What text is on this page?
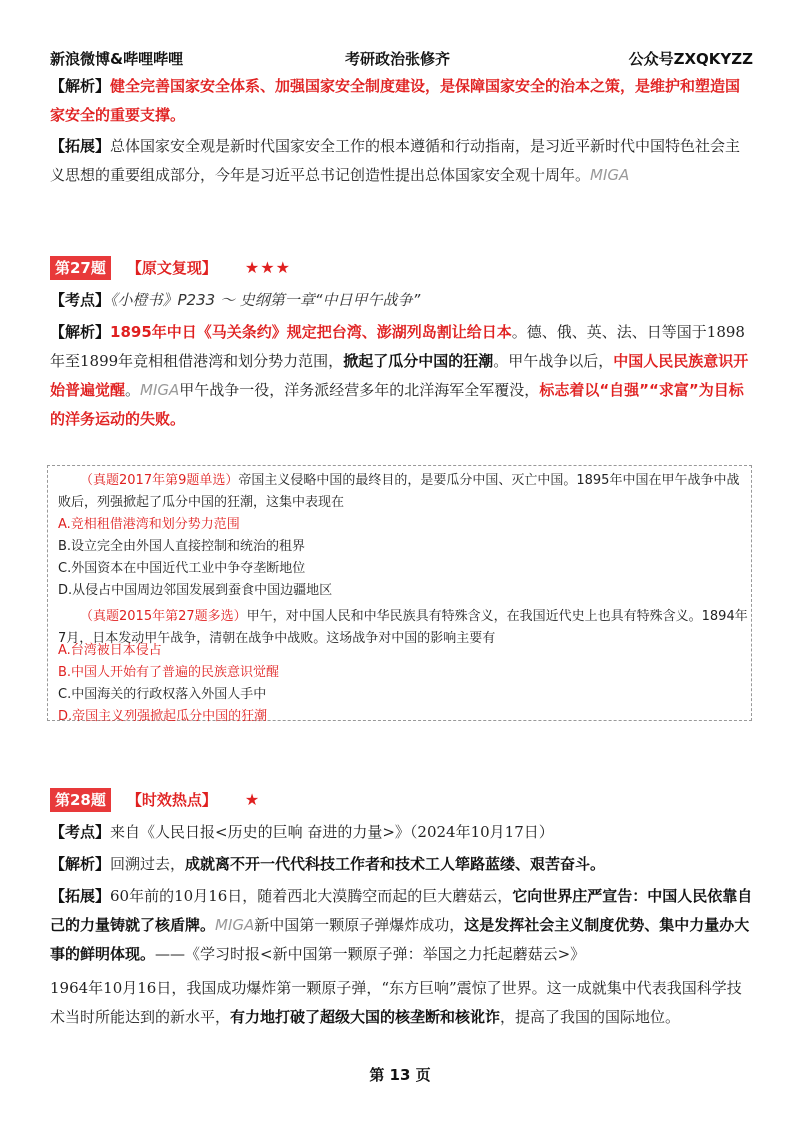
新浪微博&哔哩哔哩	考研政治张修齐	公众号ZXQKYZZ
【解析】健全完善国家安全体系、加强国家安全制度建设，是保障国家安全的治本之策，是维护和塑造国家安全的重要支撑。
【拓展】总体国家安全观是新时代国家安全工作的根本遵循和行动指南，是习近平新时代中国特色社会主义思想的重要组成部分，今年是习近平总书记创造性提出总体国家安全观十周年。MIGA
第27题 【原文复现】 ★★★
【考点】《小橙书》P233 ～ 史纲第一章“中日甲午战争”
【解析】1895年中日《马关条约》规定把台湾、澎湖列岛割让给日本。德、俄、英、法、日等国于1898年至1899年竞相租借港湾和划分势力范围，掀起了瓜分中国的狂潮。甲午战争以后，中国人民民族意识开始普遍觉醒。MIGA甲午战争一役，洋务派经营多年的北洋海军全军覆没，标志着以“自强”“求富”为目标的洋务运动的失败。
（真题2017年第9题单选）帝国主义侵略中国的最终目的，是要瓜分中国、灭亡中国。1895年中国在甲午战争中战败后，列强掀起了瓜分中国的狂潮，这集中表现在
A.竞相租借港湾和划分势力范围
B.设立完全由外国人直接控制和统治的租界
C.外国资本在中国近代工业中争夺垄断地位
D.从侵占中国周边邻国发展到蚕食中国边疆地区
（真题2015年第27题多选）甲午，对中国人民和中华民族具有特殊含义，在我国近代史上也具有特殊含义。1894年7月，日本发动甲午战争，清朝在战争中战败。这场战争对中国的影响主要有
A.台湾被日本侵占
B.中国人开始有了普遍的民族意识觉醒
C.中国海关的行政权落入外国人手中
D.帝国主义列强掀起瓜分中国的狂潮
第28题 【时效热点】 ★
【考点】来自《人民日报<历史的巨响 奋进的力量>》（2024年10月17日）
【解析】回溯过去，成就离不开一代代科技工作者和技术工人筚路蓝缕、艰苦奋斗。
【拓展】60年前的10月16日，随着西北大漠腾空而起的巨大蘑菇云，它向世界庄严宣告：中国人民依靠自己的力量铸就了核盾牌。MIGA新中国第一颗原子弹爆炸成功，这是发挥社会主义制度优势、集中力量办大事的鲜明体现。——《学习时报<新中国第一颗原子弹：举国之力托起蘑菇云>》
1964年10月16日，我国成功爆炸第一颗原子弹，“东方巨响”震惊了世界。这一成就集中代表我国科学技术当时所能达到的新水平，有力地打破了超级大国的核垄断和核讹诈，提高了我国的国际地位。
第 13 页
